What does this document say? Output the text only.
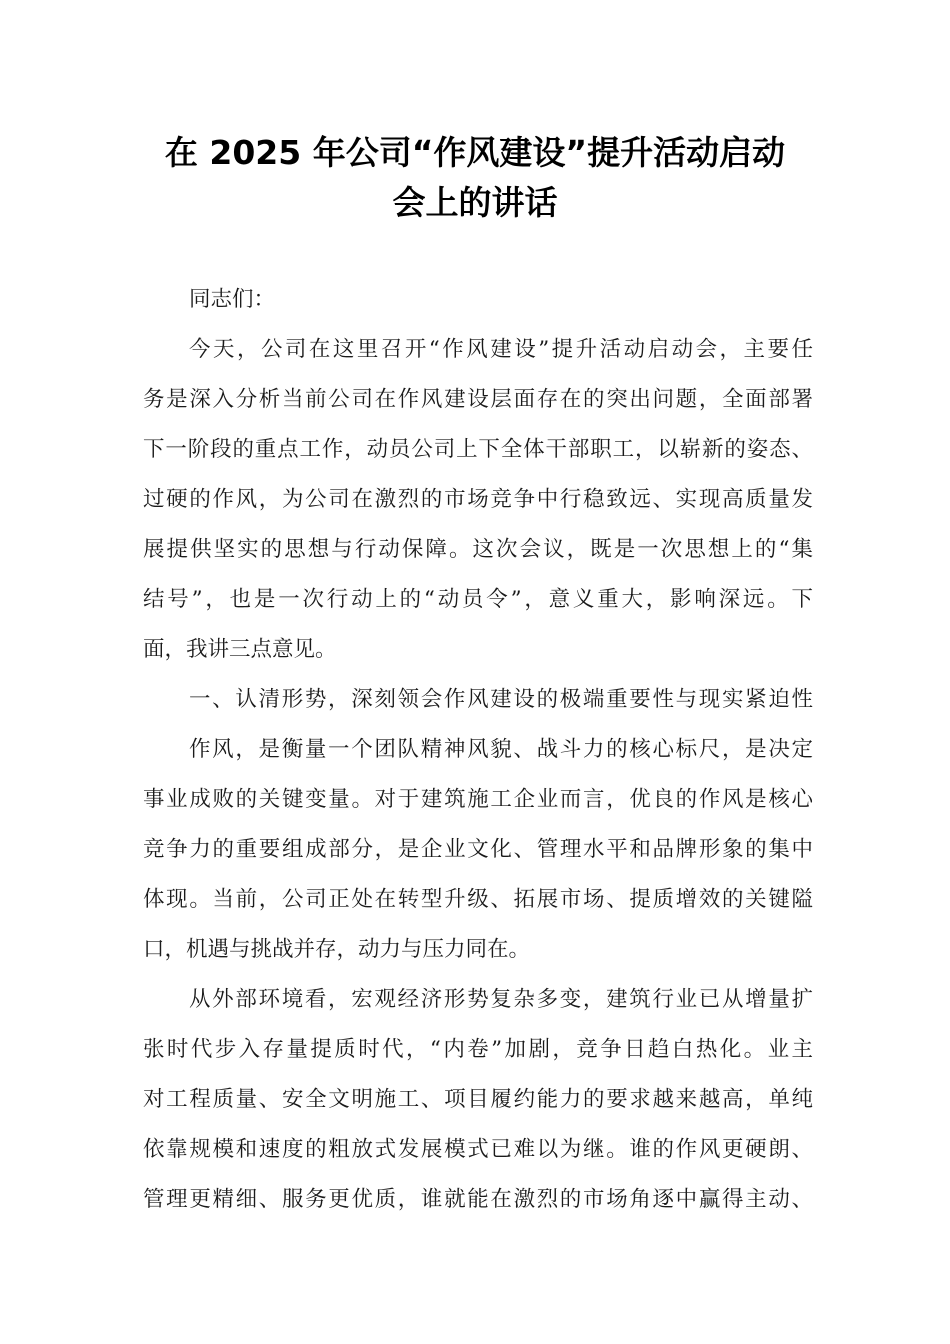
在 2025 年公司“作风建设”提升活动启动
会上的讲话
同志们：
今天，公司在这里召开“作风建设”提升活动启动会，主要任
务是深入分析当前公司在作风建设层面存在的突出问题，全面部署
下一阶段的重点工作，动员公司上下全体干部职工，以崭新的姿态、
过硬的作风，为公司在激烈的市场竞争中行稳致远、实现高质量发
展提供坚实的思想与行动保障。这次会议，既是一次思想上的“集
结号”，也是一次行动上的“动员令”，意义重大，影响深远。下
面，我讲三点意见。
一、认清形势，深刻领会作风建设的极端重要性与现实紧迫性
作风，是衡量一个团队精神风貌、战斗力的核心标尺，是决定
事业成败的关键变量。对于建筑施工企业而言，优良的作风是核心
竞争力的重要组成部分，是企业文化、管理水平和品牌形象的集中
体现。当前，公司正处在转型升级、拓展市场、提质增效的关键隘
口，机遇与挑战并存，动力与压力同在。
从外部环境看，宏观经济形势复杂多变，建筑行业已从增量扩
张时代步入存量提质时代，“内卷”加剧，竞争日趋白热化。业主
对工程质量、安全文明施工、项目履约能力的要求越来越高，单纯
依靠规模和速度的粗放式发展模式已难以为继。谁的作风更硬朗、
管理更精细、服务更优质，谁就能在激烈的市场角逐中赢得主动、
